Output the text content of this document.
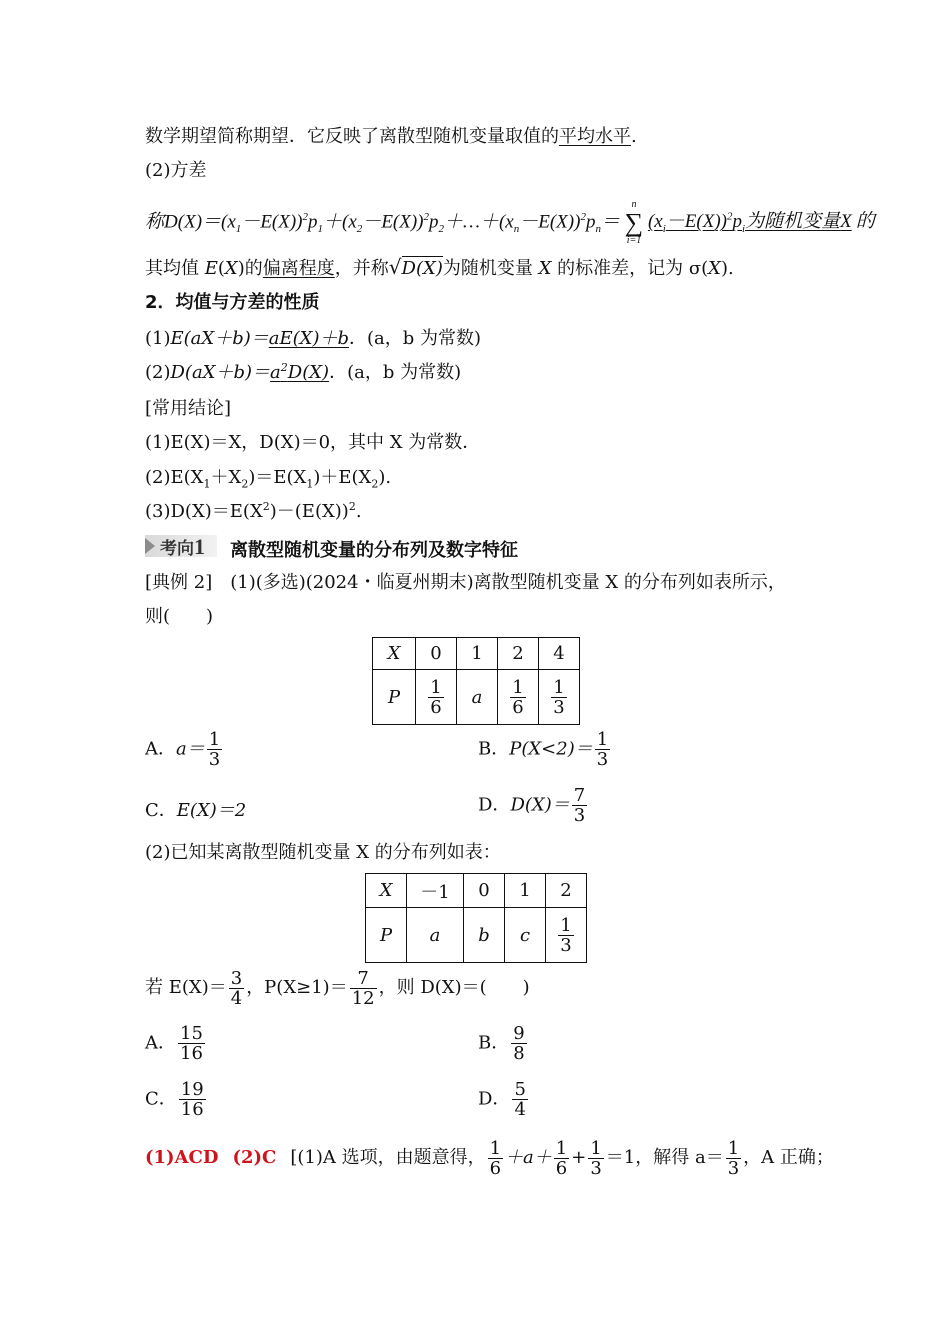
数学期望简称期望．它反映了离散型随机变量取值的平均水平.
(2)方差
称$D(X)=(x_1-E(X))^2p_1+(x_2-E(X))^2p_2+\dots+(x_n-E(X))^2p_n=$
n
∑
i=1
$(x_i-E(X))^2p_i$为随机变量X 的
其均值 E(X)的偏离程度，并称√D(X)为随机变量 X 的标准差，记为 σ(X).
2．均值与方差的性质
(1)E(aX＋b)＝aE(X)＋b．(a，b 为常数)
$(2)D(aX+b)=a^2D(X)$．(a，b 为常数)
[常用结论]
(1)E(X)＝X，D(X)＝0，其中 X 为常数．
$(2)E(X_1+X_2)=E(X_1)+E(X_2)$.
$(3)D(X)=E(X^2)-(E(X))^2$.
考向1 离散型随机变量的分布列及数字特征
[典例 2]　(1)(多选)(2024・临夏州期末)离散型随机变量 X 的分布列如表所示，
则(　　)
X	0	1	2	4
P	$\frac{1}{6}$	a	$\frac{1}{6}$	$\frac{1}{3}$
A．$a= \frac{1}{3}$	B．$P(X<2)= \frac{1}{3}$
C．E(X)＝2	D．$D(X)= \frac{7}{3}$
(2)已知某离散型随机变量 X 的分布列如表：
X	－1	0	1	2
P	a	b	c	$\frac{1}{3}$
若 $E(X)= \frac{3}{4}$ ，$P(X\ge 1)= \frac{7}{12}$ ，则 D(X)＝(　　)
A． $\frac{15}{16}$	B． $\frac{9}{8}$
C． $\frac{19}{16}$	D． $\frac{5}{4}$
(1)ACD (2)C [(1)A 选项，由题意得， $\frac{1}{6} +a+ \frac{1}{6} + \frac{1}{3} =1$，解得 $a= \frac{1}{3}$ ，A 正确；
